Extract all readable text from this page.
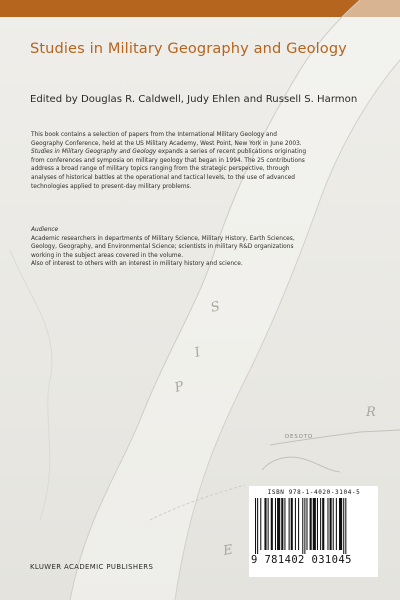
DESOTO
S
I
P
R
E
Studies in Military Geography and Geology

Edited by Douglas R. Caldwell, Judy Ehlen and Russell S. Harmon

This book contains a selection of papers from the International Military Geology and
Geography Conference, held at the US Military Academy, West Point, New York in June 2003.
Studies in Military Geography and Geology expands a series of recent publications originating
from conferences and symposia on military geology that began in 1994. The 25 contributions
address a broad range of military topics ranging from the strategic perspective, through
analyses of historical battles at the operational and tactical levels, to the use of advanced
technologies applied to present-day military problems.
Audience
Academic researchers in departments of Military Science, Military History, Earth Sciences,
Geology, Geography, and Environmental Science; scientists in military R&D organizations
working in the subject areas covered in the volume.
Also of interest to others with an interest in military history and science.
ISBN 978-1-4020-3104-5
9 781402 031045
KLUWER ACADEMIC PUBLISHERS
